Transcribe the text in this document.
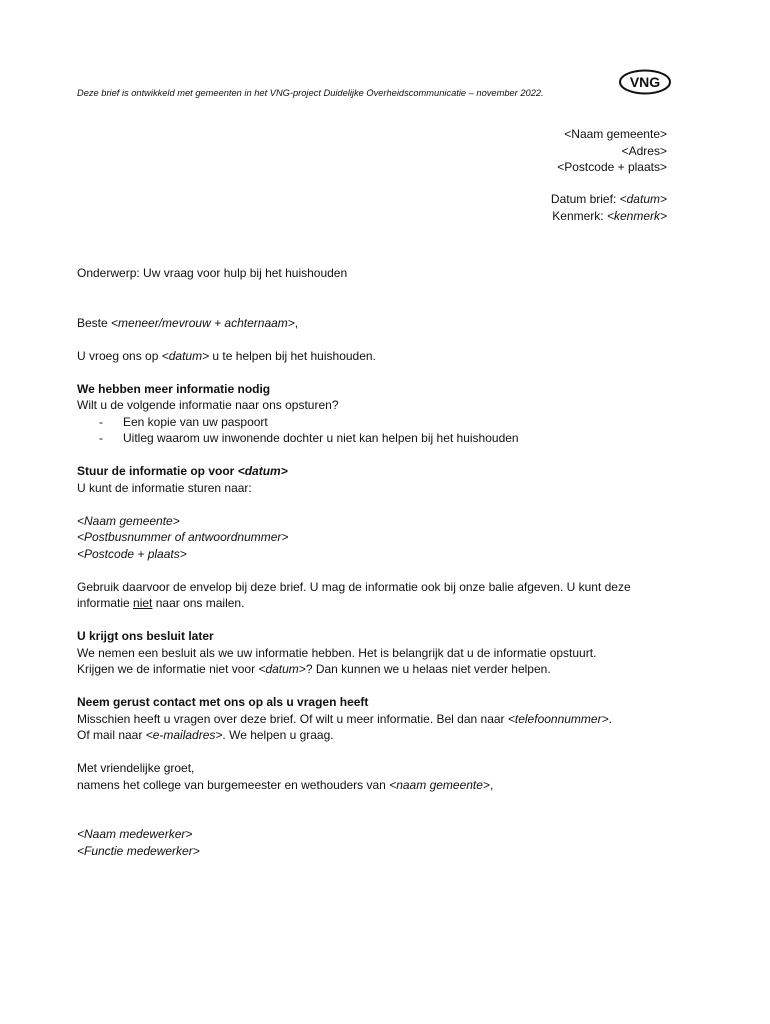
Deze brief is ontwikkeld met gemeenten in het VNG-project Duidelijke Overheidscommunicatie – november 2022.
VNG
<Naam gemeente>
<Adres>
<Postcode + plaats>
Datum brief: <datum>
Kenmerk: <kenmerk>

Onderwerp: Uw vraag voor hulp bij het huishouden

Beste <meneer/mevrouw + achternaam>,

U vroeg ons op <datum> u te helpen bij het huishouden.

We hebben meer informatie nodig

Wilt u de volgende informatie naar ons opsturen?

- Een kopie van uw paspoort
- Uitleg waarom uw inwonende dochter u niet kan helpen bij het huishouden

Stuur de informatie op voor <datum>

U kunt de informatie sturen naar:

<Naam gemeente>

<Postbusnummer of antwoordnummer>

<Postcode + plaats>

Gebruik daarvoor de envelop bij deze brief. U mag de informatie ook bij onze balie afgeven. U kunt deze informatie niet naar ons mailen.

U krijgt ons besluit later

We nemen een besluit als we uw informatie hebben. Het is belangrijk dat u de informatie opstuurt.

Krijgen we de informatie niet voor <datum>? Dan kunnen we u helaas niet verder helpen.

Neem gerust contact met ons op als u vragen heeft

Misschien heeft u vragen over deze brief. Of wilt u meer informatie. Bel dan naar <telefoonnummer>.

Of mail naar <e-mailadres>. We helpen u graag.

Met vriendelijke groet,

namens het college van burgemeester en wethouders van <naam gemeente>,

<Naam medewerker>

<Functie medewerker>
